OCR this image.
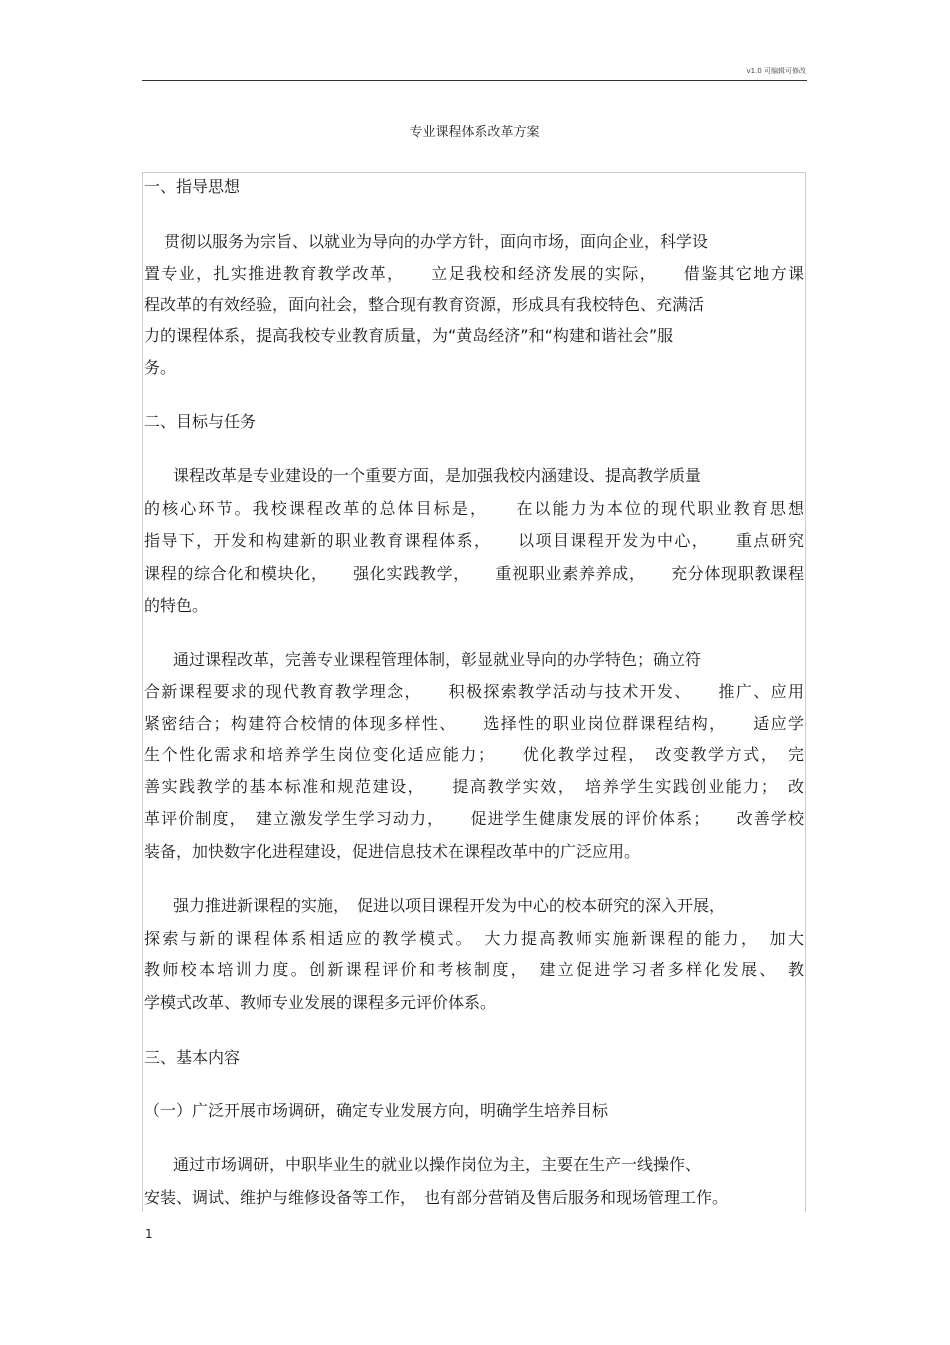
v1.0 可编辑可修改
专业课程体系改革方案
一、指导思想
贯彻以服务为宗旨、以就业为导向的办学方针，面向市场，面向企业，科学设
置专业，扎实推进教育教学改革，　　立足我校和经济发展的实际，　　借鉴其它地方课
程改革的有效经验，面向社会，整合现有教育资源，形成具有我校特色、充满活
力的课程体系，提高我校专业教育质量，为“黄岛经济”和“构建和谐社会”服
务。
二、目标与任务
课程改革是专业建设的一个重要方面，是加强我校内涵建设、提高教学质量
的核心环节。我校课程改革的总体目标是，　　在以能力为本位的现代职业教育思想
指导下，开发和构建新的职业教育课程体系，　　以项目课程开发为中心，　　重点研究
课程的综合化和模块化，　　强化实践教学，　　重视职业素养养成，　　充分体现职教课程
的特色。
通过课程改革，完善专业课程管理体制，彰显就业导向的办学特色；确立符
合新课程要求的现代教育教学理念，　　积极探索教学活动与技术开发、　　推广、应用
紧密结合；构建符合校情的体现多样性、　　选择性的职业岗位群课程结构，　　适应学
生个性化需求和培养学生岗位变化适应能力；　　优化教学过程，　改变教学方式，　完
善实践教学的基本标准和规范建设，　　提高教学实效，　培养学生实践创业能力；　改
革评价制度，　建立激发学生学习动力，　　促进学生健康发展的评价体系；　　改善学校
装备，加快数字化进程建设，促进信息技术在课程改革中的广泛应用。
强力推进新课程的实施，　促进以项目课程开发为中心的校本研究的深入开展，
探索与新的课程体系相适应的教学模式。　大力提高教师实施新课程的能力，　加大
教师校本培训力度。创新课程评价和考核制度，　建立促进学习者多样化发展、　教
学模式改革、教师专业发展的课程多元评价体系。
三、基本内容
（一）广泛开展市场调研，确定专业发展方向，明确学生培养目标
通过市场调研，中职毕业生的就业以操作岗位为主，主要在生产一线操作、
安装、调试、维护与维修设备等工作，　也有部分营销及售后服务和现场管理工作。
1
